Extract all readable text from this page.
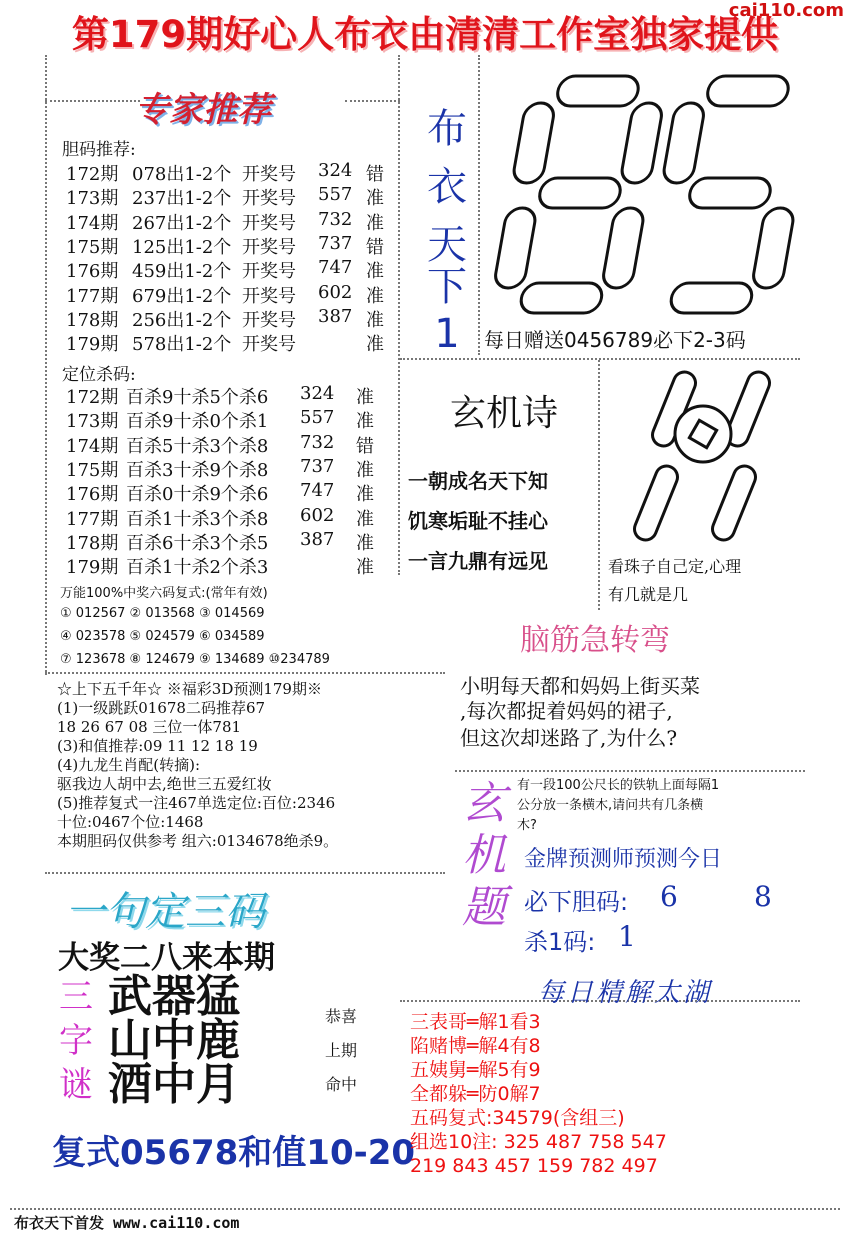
第179期好心人布衣由清清工作室独家提供
cai110.com
专家推荐
胆码推荐:
172期 078出1-2个 开奖号 324 错
173期 237出1-2个 开奖号 557 准
174期 267出1-2个 开奖号 732 准
175期 125出1-2个 开奖号 737 错
176期 459出1-2个 开奖号 747 准
177期 679出1-2个 开奖号 602 准
178期 256出1-2个 开奖号 387 准
179期 578出1-2个 开奖号	准
定位杀码:
172期 百杀9十杀5个杀6 324 准
173期 百杀9十杀0个杀1 557 准
174期 百杀5十杀3个杀8 732 错
175期 百杀3十杀9个杀8 737 准
176期 百杀0十杀9个杀6 747 准
177期 百杀1十杀3个杀8 602 准
178期 百杀6十杀3个杀5 387 准
179期 百杀1十杀2个杀3	准
万能100%中奖六码复式:(常年有效)
① 012567 ② 013568 ③ 014569
④ 023578 ⑤ 024579 ⑥ 034589
⑦ 123678 ⑧ 124679 ⑨ 134689 ⑩234789
布
衣
天
下
1	每日赠送0456789必下2-3码
玄机诗
一朝成名天下知
饥寒垢耻不挂心
一言九鼎有远见	看珠子自己定,心理
有几就是几
脑筋急转弯
小明每天都和妈妈上街买菜
,每次都捉着妈妈的裙子,
但这次却迷路了,为什么?
☆上下五千年☆ ※福彩3D预测179期※
(1)一级跳跃01678二码推荐67
18 26 67 08 三位一体781
(3)和值推荐:09 11 12 18 19
(4)九龙生肖配(转摘):
驱我边人胡中去,绝世三五爱红妆
(5)推荐复式一注467单选定位:百位:2346
十位:0467个位:1468
本期胆码仅供参考 组六:0134678绝杀9。
玄
机
题
有一段100公尺长的铁轨上面每隔1
公分放一条横木,请问共有几条横
木?
金牌预测师预测今日
必下胆码: 6	8
杀1码: 1
一句定三码
大奖二八来本期
三
字
谜
武器猛
山中鹿
酒中月
恭喜
上期
命中
复式05678和值10-20
每日精解太湖
三表哥═解1看3
陷赌博═解4有8
五姨舅═解5有9
全都躲═防0解7
五码复式:34579(含组三)
组选10注: 325 487 758 547
219 843 457 159 782 497
布衣天下首发 www.cai110.com
